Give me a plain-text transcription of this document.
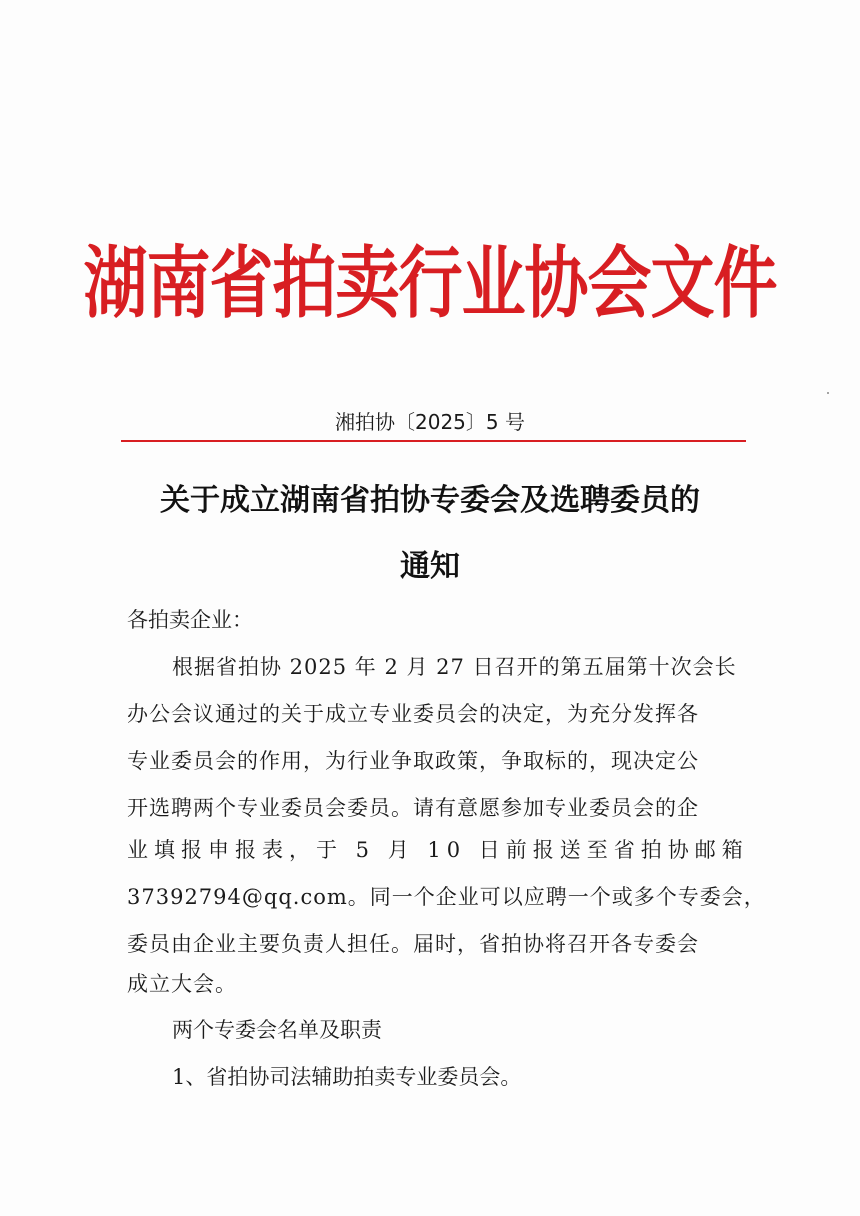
湖南省拍卖行业协会文件
湘拍协〔2025〕5 号
关于成立湖南省拍协专委会及选聘委员的
通知
各拍卖企业：
根据省拍协 2025 年 2 月 27 日召开的第五届第十次会长
办公会议通过的关于成立专业委员会的决定，为充分发挥各
专业委员会的作用，为行业争取政策，争取标的，现决定公
开选聘两个专业委员会委员。请有意愿参加专业委员会的企
业填报申报表，于 5 月 10 日前报送至省拍协邮箱
37392794@qq.com。同一个企业可以应聘一个或多个专委会，
委员由企业主要负责人担任。届时，省拍协将召开各专委会
成立大会。
两个专委会名单及职责
1、省拍协司法辅助拍卖专业委员会。
